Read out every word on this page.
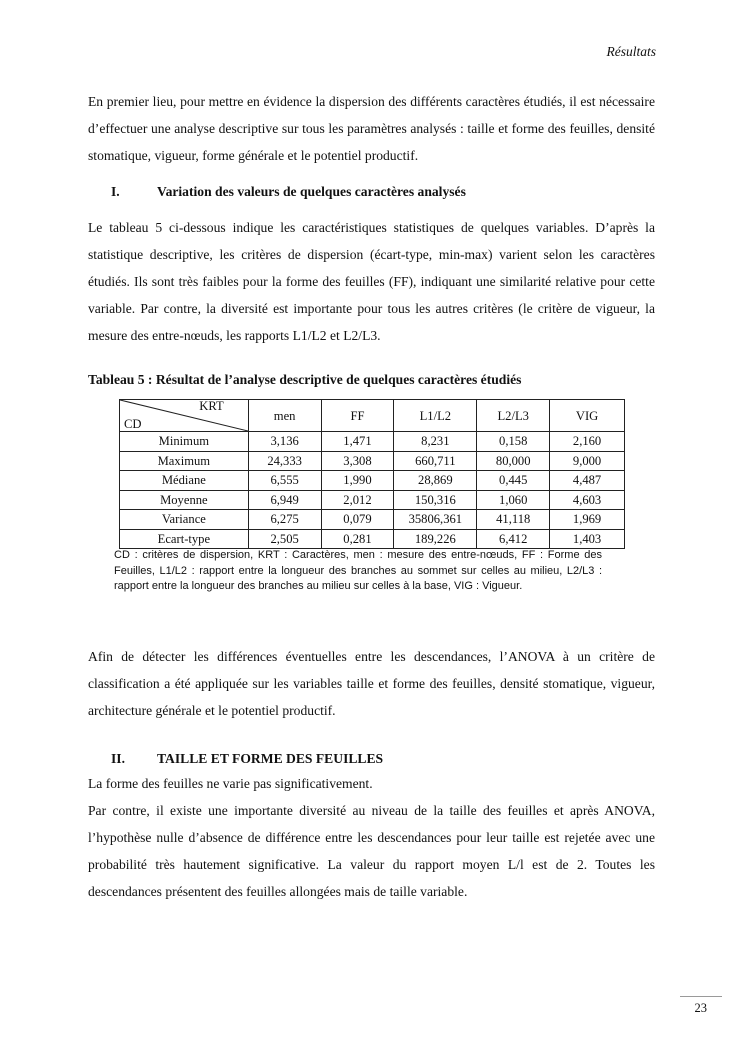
Résultats

En premier lieu, pour mettre en évidence la dispersion des différents caractères étudiés, il est nécessaire d’effectuer une analyse descriptive sur tous les paramètres analysés : taille et forme des feuilles, densité stomatique, vigueur, forme générale et le potentiel productif.

I.	Variation des valeurs de quelques caractères analysés

Le tableau 5 ci-dessous indique les caractéristiques statistiques de quelques variables. D’après la statistique descriptive, les critères de dispersion (écart-type, min-max) varient selon les caractères étudiés. Ils sont très faibles pour la forme des feuilles (FF), indiquant une similarité relative pour cette variable. Par contre, la diversité est importante pour tous les autres critères (le critère de vigueur, la mesure des entre-nœuds, les rapports L1/L2 et L2/L3.

Tableau 5 : Résultat de l’analyse descriptive de quelques caractères étudiés
KRT
CD	men	FF	L1/L2	L2/L3	VIG
Minimum	3,136	1,471	8,231	0,158	2,160
Maximum	24,333	3,308	660,711	80,000	9,000
Médiane	6,555	1,990	28,869	0,445	4,487
Moyenne	6,949	2,012	150,316	1,060	4,603
Variance	6,275	0,079	35806,361	41,118	1,969
Ecart-type	2,505	0,281	189,226	6,412	1,403

CD : critères de dispersion, KRT : Caractères, men : mesure des entre-nœuds, FF : Forme des Feuilles, L1/L2 : rapport entre la longueur des branches au sommet sur celles au milieu, L2/L3 : rapport entre la longueur des branches au milieu sur celles à la base, VIG : Vigueur.

Afin de détecter les différences éventuelles entre les descendances, l’ANOVA à un critère de classification a été appliquée sur les variables taille et forme des feuilles, densité stomatique, vigueur, architecture générale et le potentiel productif.

II. TAILLE ET FORME DES FEUILLES

La forme des feuilles ne varie pas significativement.

Par contre, il existe une importante diversité au niveau de la taille des feuilles et après ANOVA, l’hypothèse nulle d’absence de différence entre les descendances pour leur taille est rejetée avec une probabilité très hautement significative. La valeur du rapport moyen L/l est de 2. Toutes les descendances présentent des feuilles allongées mais de taille variable.

23
